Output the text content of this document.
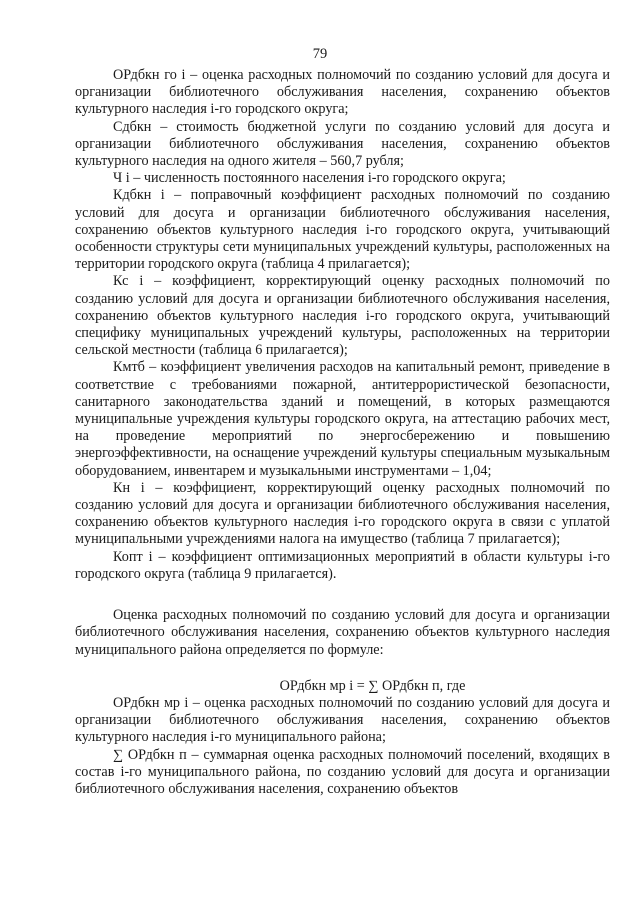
79

ОРдбкн го i – оценка расходных полномочий по созданию условий для досуга и организации библиотечного обслуживания населения, сохранению объектов культурного наследия i-го городского округа;

Сдбкн – стоимость бюджетной услуги по созданию условий для досуга и организации библиотечного обслуживания населения, сохранению объектов культурного наследия на одного жителя – 560,7 рубля;

Ч i – численность постоянного населения i-го городского округа;

Кдбкн i – поправочный коэффициент расходных полномочий по созданию условий для досуга и организации библиотечного обслуживания населения, сохранению объектов культурного наследия i-го городского округа, учитывающий особенности структуры сети муниципальных учреждений культуры, расположенных на территории городского округа (таблица 4 прилагается);

Кс i – коэффициент, корректирующий оценку расходных полномочий по созданию условий для досуга и организации библиотечного обслуживания населения, сохранению объектов культурного наследия i-го городского округа, учитывающий специфику муниципальных учреждений культуры, расположенных на территории сельской местности (таблица 6 прилагается);

Кмтб – коэффициент увеличения расходов на капитальный ремонт, приведение в соответствие с требованиями пожарной, антитеррористической безопасности, санитарного законодательства зданий и помещений, в которых размещаются муниципальные учреждения культуры городского округа, на аттестацию рабочих мест, на проведение мероприятий по энергосбережению и повышению энергоэффективности, на оснащение учреждений культуры специальным музыкальным оборудованием, инвентарем и музыкальными инструментами – 1,04;

Кн i – коэффициент, корректирующий оценку расходных полномочий по созданию условий для досуга и организации библиотечного обслуживания населения, сохранению объектов культурного наследия i-го городского округа в связи с уплатой муниципальными учреждениями налога на имущество (таблица 7 прилагается);

Копт i – коэффициент оптимизационных мероприятий в области культуры i-го городского округа (таблица 9 прилагается).

Оценка расходных полномочий по созданию условий для досуга и организации библиотечного обслуживания населения, сохранению объектов культурного наследия муниципального района определяется по формуле:

ОРдбкн мр i = ∑ ОРдбкн п, где

ОРдбкн мр i – оценка расходных полномочий по созданию условий для досуга и организации библиотечного обслуживания населения, сохранению объектов культурного наследия i-го муниципального района;

∑ ОРдбкн п – суммарная оценка расходных полномочий поселений, входящих в состав i-го муниципального района, по созданию условий для досуга и организации библиотечного обслуживания населения, сохранению объектов
